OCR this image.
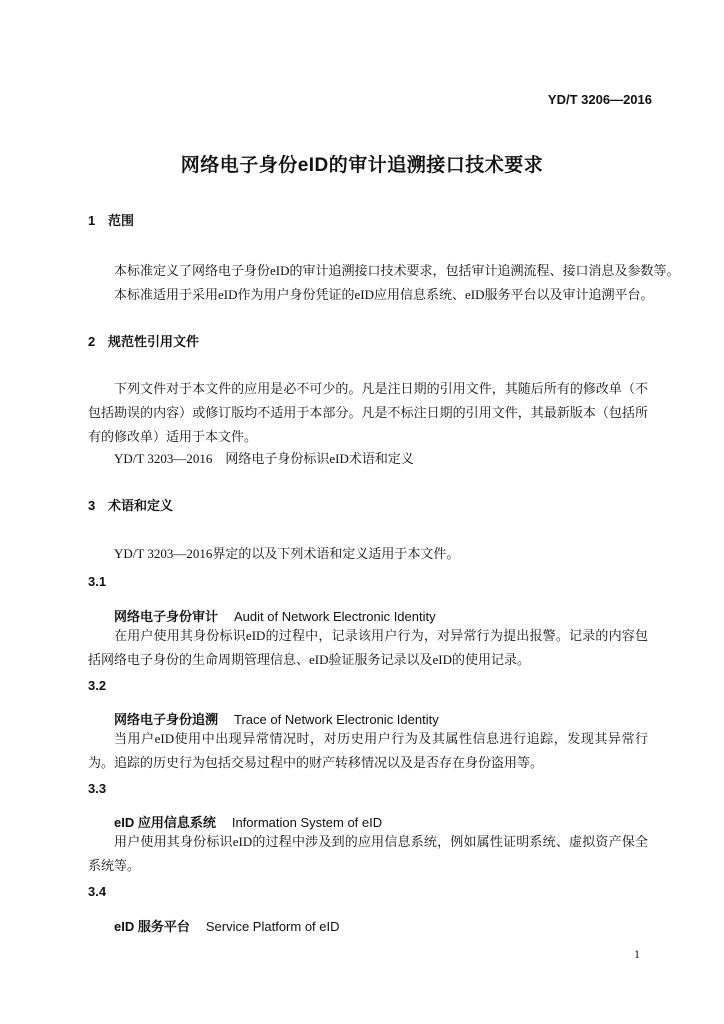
YD/T 3206—2016
网络电子身份eID的审计追溯接口技术要求
1 范围
本标准定义了网络电子身份eID的审计追溯接口技术要求，包括审计追溯流程、接口消息及参数等。
本标准适用于采用eID作为用户身份凭证的eID应用信息系统、eID服务平台以及审计追溯平台。
2 规范性引用文件

下列文件对于本文件的应用是必不可少的。凡是注日期的引用文件，其随后所有的修改单（不包括勘误的内容）或修订版均不适用于本部分。凡是不标注日期的引用文件，其最新版本（包括所有的修改单）适用于本文件。

YD/T 3203—2016　网络电子身份标识eID术语和定义
3 术语和定义
YD/T 3203—2016界定的以及下列术语和定义适用于本文件。
3.1
网络电子身份审计 Audit of Network Electronic Identity

在用户使用其身份标识eID的过程中，记录该用户行为，对异常行为提出报警。记录的内容包括网络电子身份的生命周期管理信息、eID验证服务记录以及eID的使用记录。

3.2
网络电子身份追溯 Trace of Network Electronic Identity

当用户eID使用中出现异常情况时，对历史用户行为及其属性信息进行追踪，发现其异常行为。追踪的历史行为包括交易过程中的财产转移情况以及是否存在身份盗用等。

3.3
eID 应用信息系统 Information System of eID

用户使用其身份标识eID的过程中涉及到的应用信息系统，例如属性证明系统、虚拟资产保全系统等。

3.4
eID 服务平台 Service Platform of eID
1
